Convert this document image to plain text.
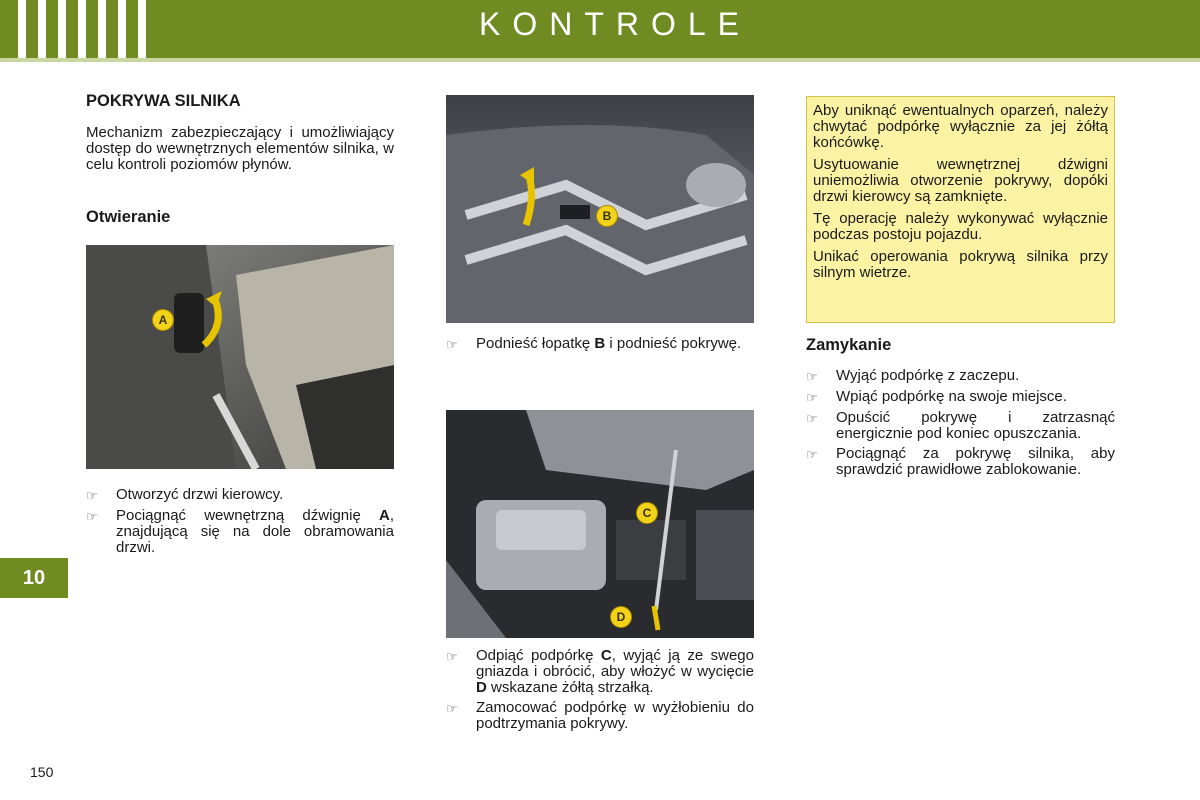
KONTROLE
10
150
POKRYWA SILNIKA
Mechanizm zabezpieczający i umożliwiający dostęp do wewnętrznych elementów silnika, w celu kontroli poziomów płynów.
Otwieranie
A
☞	Otworzyć drzwi kierowcy.
☞	Pociągnąć wewnętrzną dźwignię A, znajdującą się na dole obramowania drzwi.
B
☞	Podnieść łopatkę B i podnieść pokrywę.
C
D
☞	Odpiąć podpórkę C, wyjąć ją ze swego gniazda i obrócić, aby włożyć w wycięcie D wskazane żółtą strzałką.
☞	Zamocować podpórkę w wyżłobieniu do podtrzymania pokrywy.

Aby uniknąć ewentualnych oparzeń, należy chwytać podpórkę wyłącznie za jej żółtą końcówkę.

Usytuowanie wewnętrznej dźwigni uniemożliwia otworzenie pokrywy, dopóki drzwi kierowcy są zamknięte.

Tę operację należy wykonywać wyłącznie podczas postoju pojazdu.

Unikać operowania pokrywą silnika przy silnym wietrze.

Zamykanie
☞	Wyjąć podpórkę z zaczepu.
☞	Wpiąć podpórkę na swoje miejsce.
☞	Opuścić pokrywę i zatrzasnąć energicznie pod koniec opuszczania.
☞	Pociągnąć za pokrywę silnika, aby sprawdzić prawidłowe zablokowanie.
